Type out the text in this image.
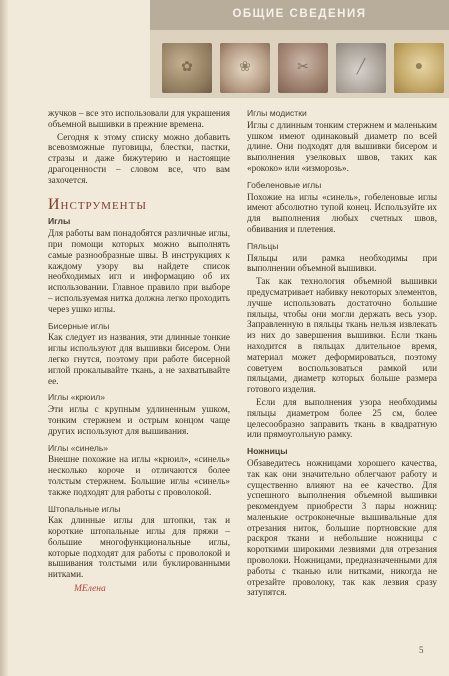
ОБЩИЕ СВЕДЕНИЯ
✿	❀	✂	╱	●

жучков – все это использовали для украшения объемной вышивки в прежние времена.

Сегодня к этому списку можно добавить всевозможные пуговицы, блестки, пастки, стразы и даже бижутерию и настоящие драгоценности – словом все, что вам захочется.

Инструменты
Иглы

Для работы вам понадобятся различные иглы, при помощи которых можно выполнять самые разнообразные швы. В инструкциях к каждому узору вы найдете список необходимых игл и информацию об их использовании. Главное правило при выборе – используемая нитка должна легко проходить через ушко иглы.

Бисерные иглы

Как следует из названия, эти длинные тонкие иглы используют для вышивки бисером. Они легко гнутся, поэтому при работе бисерной иглой прокалывайте ткань, а не захватывайте ее.

Иглы «крюил»

Эти иглы с крупным удлиненным ушком, тонким стержнем и острым концом чаще других используют для вышивания.

Иглы «синель»

Внешне похожие на иглы «крюил», «синель» несколько короче и отличаются более толстым стержнем. Большие иглы «синель» также подходят для работы с проволокой.

Штопальные иглы

Как длинные иглы для штопки, так и короткие штопальные иглы для пряжи – большие многофункциональные иглы, которые подходят для работы с проволокой и вышивания толстыми или буклированными нитками.

МЕлена
Иглы модистки

Иглы с длинным тонким стержнем и маленьким ушком имеют одинаковый диаметр по всей длине. Они подходят для вышивки бисером и выполнения узелковых швов, таких как «рококо» или «изморозь».

Гобеленовые иглы

Похожие на иглы «синель», гобеленовые иглы имеют абсолютно тупой конец. Используйте их для выполнения любых счетных швов, обвивания и плетения.

Пяльцы

Пяльцы или рамка необходимы при выполнении объемной вышивки.

Так как технология объемной вышивки предусматривает набивку некоторых элементов, лучше использовать достаточно большие пяльцы, чтобы они могли держать весь узор. Заправленную в пяльцы ткань нельзя извлекать из них до завершения вышивки. Если ткань находится в пяльцах длительное время, материал может деформироваться, поэтому советуем воспользоваться рамкой или пяльцами, диаметр которых больше размера готового изделия.

Если для выполнения узора необходимы пяльцы диаметром более 25 см, более целесообразно заправить ткань в квадратную или прямоугольную рамку.

Ножницы

Обзаведитесь ножницами хорошего качества, так как они значительно облегчают работу и существенно влияют на ее качество. Для успешного выполнения объемной вышивки рекомендуем приобрести 3 пары ножниц: маленькие остроконечные вышивальные для отрезания ниток, большие портновские для раскроя ткани и небольшие ножницы с короткими широкими лезвиями для отрезания проволоки. Ножницами, предназначенными для работы с тканью или нитками, никогда не отрезайте проволоку, так как лезвия сразу затупятся.

5
